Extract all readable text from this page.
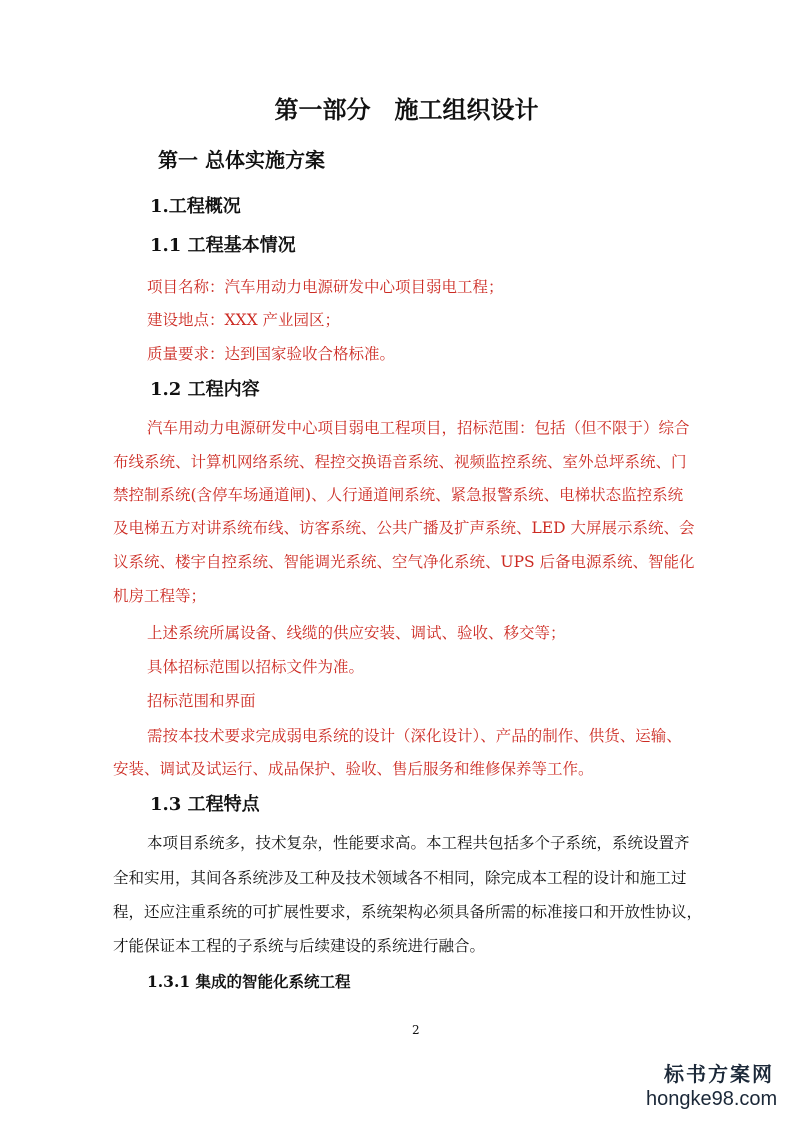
第一部分　施工组织设计
第一 总体实施方案
1.工程概况
1.1 工程基本情况
项目名称：汽车用动力电源研发中心项目弱电工程；
建设地点：XXX 产业园区；
质量要求：达到国家验收合格标准。
1.2 工程内容
汽车用动力电源研发中心项目弱电工程项目，招标范围：包括（但不限于）综合
布线系统、计算机网络系统、程控交换语音系统、视频监控系统、室外总坪系统、门
禁控制系统(含停车场通道闸)、人行通道闸系统、紧急报警系统、电梯状态监控系统
及电梯五方对讲系统布线、访客系统、公共广播及扩声系统、LED 大屏展示系统、会
议系统、楼宇自控系统、智能调光系统、空气净化系统、UPS 后备电源系统、智能化
机房工程等；
上述系统所属设备、线缆的供应安装、调试、验收、移交等；
具体招标范围以招标文件为准。
招标范围和界面
需按本技术要求完成弱电系统的设计（深化设计）、产品的制作、供货、运输、
安装、调试及试运行、成品保护、验收、售后服务和维修保养等工作。
1.3 工程特点
本项目系统多，技术复杂，性能要求高。本工程共包括多个子系统，系统设置齐
全和实用，其间各系统涉及工种及技术领域各不相同，除完成本工程的设计和施工过
程，还应注重系统的可扩展性要求，系统架构必须具备所需的标准接口和开放性协议，
才能保证本工程的子系统与后续建设的系统进行融合。
1.3.1 集成的智能化系统工程
2
标书方案网
hongke98.com
